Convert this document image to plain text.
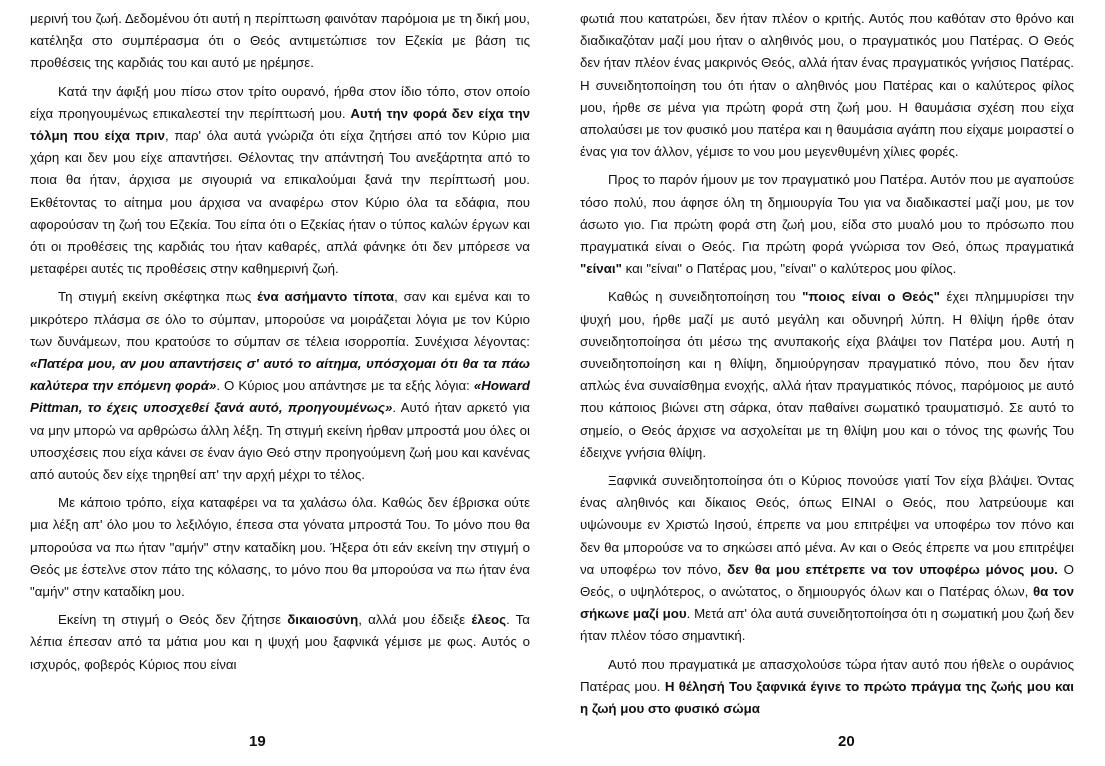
μερινή του ζωή. Δεδομένου ότι αυτή η περίπτωση φαινόταν παρόμοια με τη δική μου, κατέληξα στο συμπέρασμα ότι ο Θεός αντιμετώπισε τον Εζεκία με βάση τις προθέσεις της καρδιάς του και αυτό με ηρέμησε.

Κατά την άφιξή μου πίσω στον τρίτο ουρανό, ήρθα στον ίδιο τόπο, στον οποίο είχα προηγουμένως επικαλεστεί την περίπτωσή μου. Αυτή την φορά δεν είχα την τόλμη που είχα πριν, παρ' όλα αυτά γνώριζα ότι είχα ζητήσει από τον Κύριο μια χάρη και δεν μου είχε απαντήσει. Θέλοντας την απάντησή Του ανεξάρτητα από το ποια θα ήταν, άρχισα με σιγουριά να επικαλούμαι ξανά την περίπτωσή μου. Εκθέτοντας το αίτημα μου άρχισα να αναφέρω στον Κύριο όλα τα εδάφια, που αφορούσαν τη ζωή του Εζεκία. Του είπα ότι ο Εζεκίας ήταν ο τύπος καλών έργων και ότι οι προθέσεις της καρδιάς του ήταν καθαρές, απλά φάνηκε ότι δεν μπόρεσε να μεταφέρει αυτές τις προθέσεις στην καθημερινή ζωή.

Τη στιγμή εκείνη σκέφτηκα πως ένα ασήμαντο τίποτα, σαν και εμένα και το μικρότερο πλάσμα σε όλο το σύμπαν, μπορούσε να μοιράζεται λόγια με τον Κύριο των δυνάμεων, που κρατούσε το σύμπαν σε τέλεια ισορροπία. Συνέχισα λέγοντας: «Πατέρα μου, αν μου απαντήσεις σ' αυτό το αίτημα, υπόσχομαι ότι θα τα πάω καλύτερα την επόμενη φορά». Ο Κύριος μου απάντησε με τα εξής λόγια: «Howard Pittman, το έχεις υποσχεθεί ξανά αυτό, προηγουμένως». Αυτό ήταν αρκετό για να μην μπορώ να αρθρώσω άλλη λέξη. Τη στιγμή εκείνη ήρθαν μπροστά μου όλες οι υποσχέσεις που είχα κάνει σε έναν άγιο Θεό στην προηγούμενη ζωή μου και κανένας από αυτούς δεν είχε τηρηθεί απ' την αρχή μέχρι το τέλος.

Με κάποιο τρόπο, είχα καταφέρει να τα χαλάσω όλα. Καθώς δεν έβρισκα ούτε μια λέξη απ' όλο μου το λεξιλόγιο, έπεσα στα γόνατα μπροστά Του. Το μόνο που θα μπορούσα να πω ήταν "αμήν" στην καταδίκη μου. Ήξερα ότι εάν εκείνη την στιγμή ο Θεός με έστελνε στον πάτο της κόλασης, το μόνο που θα μπορούσα να πω ήταν ένα "αμήν" στην καταδίκη μου.

Εκείνη τη στιγμή ο Θεός δεν ζήτησε δικαιοσύνη, αλλά μου έδειξε έλεος. Τα λέπια έπεσαν από τα μάτια μου και η ψυχή μου ξαφνικά γέμισε με φως. Αυτός ο ισχυρός, φοβερός Κύριος που είναι

φωτιά που κατατρώει, δεν ήταν πλέον ο κριτής. Αυτός που καθόταν στο θρόνο και διαδικαζόταν μαζί μου ήταν ο αληθινός μου, ο πραγματικός μου Πατέρας. Ο Θεός δεν ήταν πλέον ένας μακρινός Θεός, αλλά ήταν ένας πραγματικός γνήσιος Πατέρας. Η συνειδητοποίηση του ότι ήταν ο αληθινός μου Πατέρας και ο καλύτερος φίλος μου, ήρθε σε μένα για πρώτη φορά στη ζωή μου. Η θαυμάσια σχέση που είχα απολαύσει με τον φυσικό μου πατέρα και η θαυμάσια αγάπη που είχαμε μοιραστεί ο ένας για τον άλλον, γέμισε το νου μου μεγενθυμένη χίλιες φορές.

Προς το παρόν ήμουν με τον πραγματικό μου Πατέρα. Αυτόν που με αγαπούσε τόσο πολύ, που άφησε όλη τη δημιουργία Του για να διαδικαστεί μαζί μου, με τον άσωτο γιο. Για πρώτη φορά στη ζωή μου, είδα στο μυαλό μου το πρόσωπο που πραγματικά είναι ο Θεός. Για πρώτη φορά γνώρισα τον Θεό, όπως πραγματικά "είναι" και "είναι" ο Πατέρας μου, "είναι" ο καλύτερος μου φίλος.

Καθώς η συνειδητοποίηση του "ποιος είναι ο Θεός" έχει πλημμυρίσει την ψυχή μου, ήρθε μαζί με αυτό μεγάλη και οδυνηρή λύπη. Η θλίψη ήρθε όταν συνειδητοποίησα ότι μέσω της ανυπακοής είχα βλάψει τον Πατέρα μου. Αυτή η συνειδητοποίηση και η θλίψη, δημιούργησαν πραγματικό πόνο, που δεν ήταν απλώς ένα συναίσθημα ενοχής, αλλά ήταν πραγματικός πόνος, παρόμοιος με αυτό που κάποιος βιώνει στη σάρκα, όταν παθαίνει σωματικό τραυματισμό. Σε αυτό το σημείο, ο Θεός άρχισε να ασχολείται με τη θλίψη μου και ο τόνος της φωνής Του έδειχνε γνήσια θλίψη.

Ξαφνικά συνειδητοποίησα ότι ο Κύριος πονούσε γιατί Τον είχα βλάψει. Όντας ένας αληθινός και δίκαιος Θεός, όπως ΕΙΝΑΙ ο Θεός, που λατρεύουμε και υψώνουμε εν Χριστώ Ιησού, έπρεπε να μου επιτρέψει να υποφέρω τον πόνο και δεν θα μπορούσε να το σηκώσει από μένα. Αν και ο Θεός έπρεπε να μου επιτρέψει να υποφέρω τον πόνο, δεν θα μου επέτρεπε να τον υποφέρω μόνος μου. Ο Θεός, ο υψηλότερος, ο ανώτατος, ο δημιουργός όλων και ο Πατέρας όλων, θα τον σήκωνε μαζί μου. Μετά απ' όλα αυτά συνειδητοποίησα ότι η σωματική μου ζωή δεν ήταν πλέον τόσο σημαντική.

Αυτό που πραγματικά με απασχολούσε τώρα ήταν αυτό που ήθελε ο ουράνιος Πατέρας μου. Η θέλησή Του ξαφνικά έγινε το πρώτο πράγμα της ζωής μου και η ζωή μου στο φυσικό σώμα

19	20
